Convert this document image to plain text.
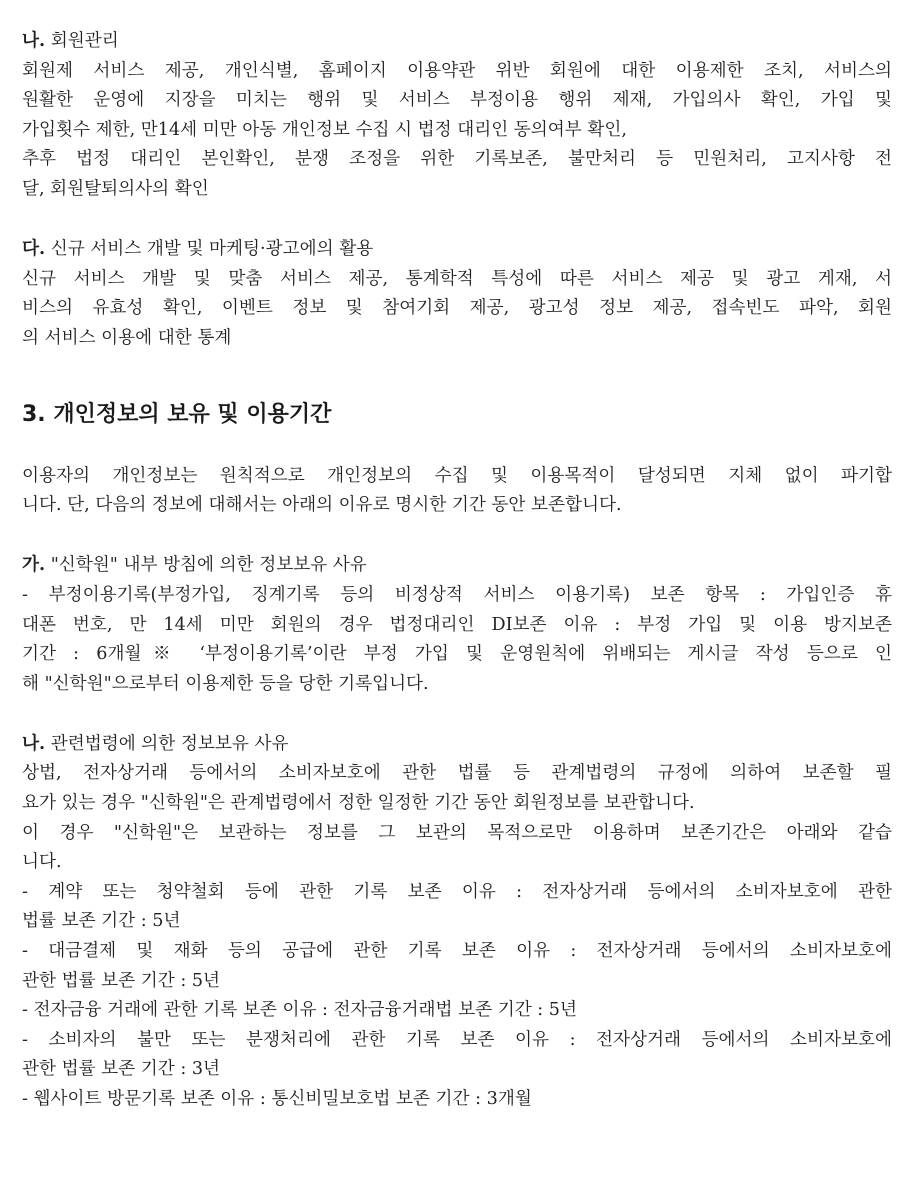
나. 회원관리

회원제 서비스 제공, 개인식별, 홈페이지 이용약관 위반 회원에 대한 이용제한 조치, 서비스의

원활한 운영에 지장을 미치는 행위 및 서비스 부정이용 행위 제재, 가입의사 확인, 가입 및

가입횟수 제한, 만14세 미만 아동 개인정보 수집 시 법정 대리인 동의여부 확인,

추후 법정 대리인 본인확인, 분쟁 조정을 위한 기록보존, 불만처리 등 민원처리, 고지사항 전

달, 회원탈퇴의사의 확인

다. 신규 서비스 개발 및 마케팅·광고에의 활용

신규 서비스 개발 및 맞춤 서비스 제공, 통계학적 특성에 따른 서비스 제공 및 광고 게재, 서

비스의 유효성 확인, 이벤트 정보 및 참여기회 제공, 광고성 정보 제공, 접속빈도 파악, 회원

의 서비스 이용에 대한 통계

3. 개인정보의 보유 및 이용기간

이용자의 개인정보는 원칙적으로 개인정보의 수집 및 이용목적이 달성되면 지체 없이 파기합

니다. 단, 다음의 정보에 대해서는 아래의 이유로 명시한 기간 동안 보존합니다.

가. "신학원" 내부 방침에 의한 정보보유 사유

- 부정이용기록(부정가입, 징계기록 등의 비정상적 서비스 이용기록) 보존 항목 : 가입인증 휴

대폰 번호, 만 14세 미만 회원의 경우 법정대리인 DI보존 이유 : 부정 가입 및 이용 방지보존

기간 : 6개월※ ‘부정이용기록’이란 부정 가입 및 운영원칙에 위배되는 게시글 작성 등으로 인

해 "신학원"으로부터 이용제한 등을 당한 기록입니다.

나. 관련법령에 의한 정보보유 사유

상법, 전자상거래 등에서의 소비자보호에 관한 법률 등 관계법령의 규정에 의하여 보존할 필

요가 있는 경우 "신학원"은 관계법령에서 정한 일정한 기간 동안 회원정보를 보관합니다.

이 경우 "신학원"은 보관하는 정보를 그 보관의 목적으로만 이용하며 보존기간은 아래와 같습

니다.

- 계약 또는 청약철회 등에 관한 기록 보존 이유 : 전자상거래 등에서의 소비자보호에 관한

법률 보존 기간 : 5년

- 대금결제 및 재화 등의 공급에 관한 기록 보존 이유 : 전자상거래 등에서의 소비자보호에

관한 법률 보존 기간 : 5년

- 전자금융 거래에 관한 기록 보존 이유 : 전자금융거래법 보존 기간 : 5년

- 소비자의 불만 또는 분쟁처리에 관한 기록 보존 이유 : 전자상거래 등에서의 소비자보호에

관한 법률 보존 기간 : 3년

- 웹사이트 방문기록 보존 이유 : 통신비밀보호법 보존 기간 : 3개월
